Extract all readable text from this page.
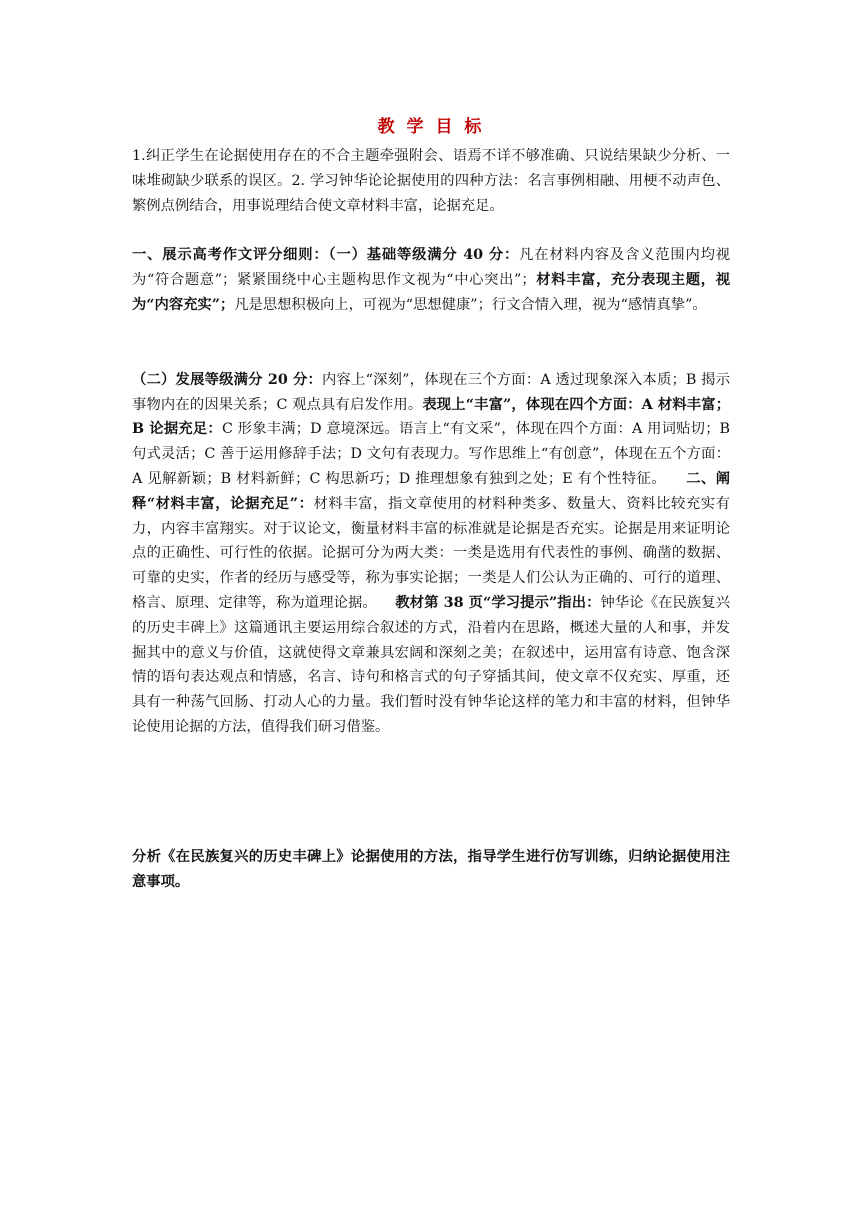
教 学 目 标

1.纠正学生在论据使用存在的不合主题牵强附会、语焉不详不够准确、只说结果缺少分析、一味堆砌缺少联系的误区。2. 学习钟华论论据使用的四种方法：名言事例相融、用梗不动声色、繁例点例结合，用事说理结合使文章材料丰富，论据充足。

一、展示高考作文评分细则：（一）基础等级满分 40 分：凡在材料内容及含义范围内均视为“符合题意”；紧紧围绕中心主题构思作文视为“中心突出”；材料丰富，充分表现主题，视为“内容充实”；凡是思想积极向上，可视为“思想健康”；行文合情入理，视为“感情真挚”。

（二）发展等级满分 20 分：内容上“深刻”，体现在三个方面：A 透过现象深入本质；B 揭示事物内在的因果关系；C 观点具有启发作用。表现上“丰富”，体现在四个方面：A 材料丰富；B 论据充足：C 形象丰满；D 意境深远。语言上“有文采”，体现在四个方面：A 用词贴切；B 句式灵活；C 善于运用修辞手法；D 文句有表现力。写作思维上“有创意”，体现在五个方面：A 见解新颖；B 材料新鲜；C 构思新巧；D 推理想象有独到之处；E 有个性特征。 二、阐释“材料丰富，论据充足”：材料丰富，指文章使用的材料种类多、数量大、资料比较充实有力，内容丰富翔实。对于议论文，衡量材料丰富的标准就是论据是否充实。论据是用来证明论点的正确性、可行性的依据。论据可分为两大类：一类是选用有代表性的事例、确凿的数据、可靠的史实，作者的经历与感受等，称为事实论据；一类是人们公认为正确的、可行的道理、格言、原理、定律等，称为道理论据。 教材第 38 页“学习提示”指出：钟华论《在民族复兴的历史丰碑上》这篇通讯主要运用综合叙述的方式，沿着内在思路，概述大量的人和事，并发掘其中的意义与价值，这就使得文章兼具宏阔和深刻之美；在叙述中，运用富有诗意、饱含深情的语句表达观点和情感，名言、诗句和格言式的句子穿插其间，使文章不仅充实、厚重，还具有一种荡气回肠、打动人心的力量。我们暂时没有钟华论这样的笔力和丰富的材料，但钟华论使用论据的方法，值得我们研习借鉴。

分析《在民族复兴的历史丰碑上》论据使用的方法，指导学生进行仿写训练，归纳论据使用注意事项。
